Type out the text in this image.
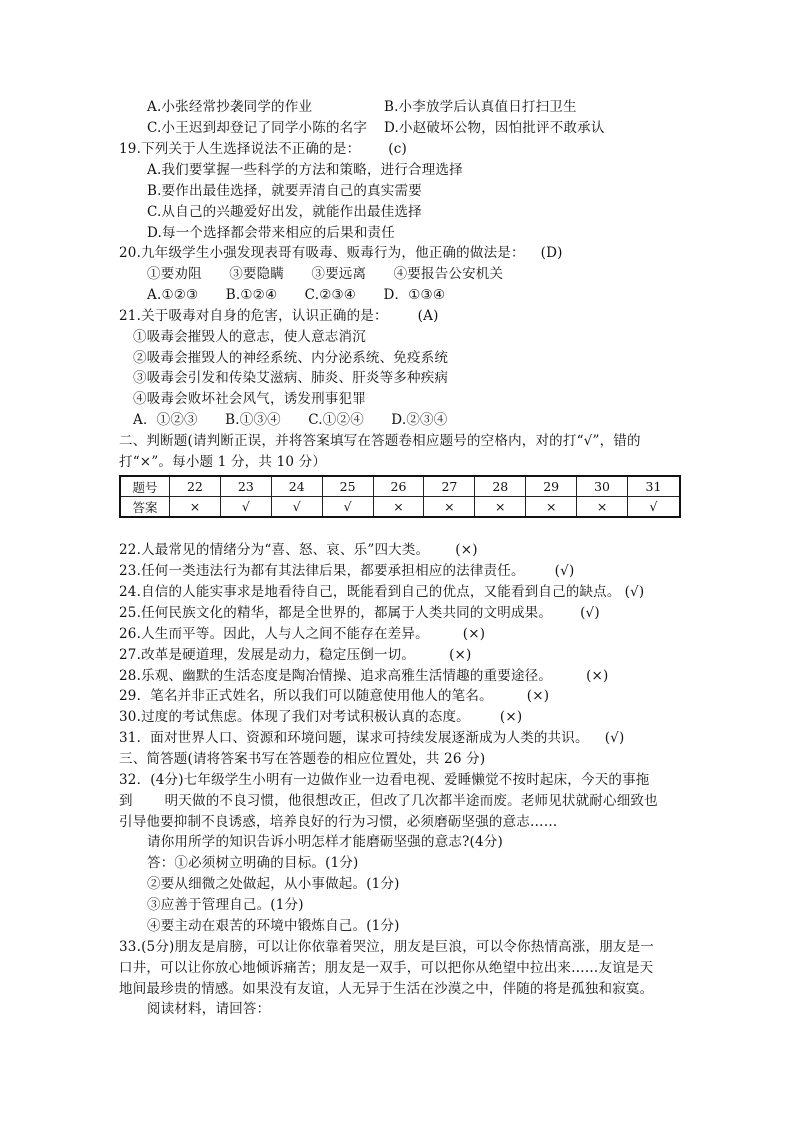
A.小张经常抄袭同学的作业	B.小李放学后认真值日打扫卫生
C.小王迟到却登记了同学小陈的名字 D.小赵破坏公物，因怕批评不敢承认
19.下列关于人生选择说法不正确的是： (c)
A.我们要掌握一些科学的方法和策略，进行合理选择
B.要作出最佳选择，就要弄清自己的真实需要
C.从自己的兴趣爱好出发，就能作出最佳选择
D.每一个选择都会带来相应的后果和责任
20.九年级学生小强发现表哥有吸毒、贩毒行为，他正确的做法是： (D)
①要劝阻　　③要隐瞒　　③要远离　　④要报告公安机关
A.①②③　　B.①②④　　C.②③④　　D．①③④
21.关于吸毒对自身的危害，认识正确的是： (A)
①吸毒会摧毁人的意志，使人意志消沉
②吸毒会摧毁人的神经系统、内分泌系统、免疫系统
③吸毒会引发和传染艾滋病、肺炎、肝炎等多种疾病
④吸毒会败坏社会风气，诱发刑事犯罪
A．①②③　　B.①③④　　C.①②④　　D.②③④
二、判断题(请判断正误，并将答案填写在答题卷相应题号的空格内，对的打“√”，错的
打“×”。每小题 1 分，共 10 分）
题号	22	23	24	25	26	27	28	29	30	31
答案	×	√	√	√	×	×	×	×	×	√
22.人最常见的情绪分为“喜、怒、哀、乐”四大类。 (×)
23.任何一类违法行为都有其法律后果，都要承担相应的法律责任。 (√)
24.自信的人能实事求是地看待自己，既能看到自己的优点，又能看到自己的缺点。 (√)
25.任何民族文化的精华，都是全世界的，都属于人类共同的文明成果。 (√)
26.人生而平等。因此，人与人之间不能存在差异。	(×)
27.改革是硬道理，发展是动力，稳定压倒一切。	(×)
28.乐观、幽默的生活态度是陶冶情操、追求高雅生活情趣的重要途径。	(×)
29．笔名并非正式姓名，所以我们可以随意使用他人的笔名。	(×)
30.过度的考试焦虑。体现了我们对考试积极认真的态度。 (×)
31．面对世界人口、资源和环境问题，谋求可持续发展逐渐成为人类的共识。 (√)
三、简答题(请将答案书写在答题卷的相应位置处，共 26 分)
32．(4分)七年级学生小明有一边做作业一边看电视、爱睡懒觉不按时起床，今天的事拖
到　　 明天做的不良习惯，他很想改正，但改了几次都半途而废。老师见状就耐心细致也
引导他要抑制不良诱惑，培养良好的行为习惯，必须磨砺坚强的意志……
请你用所学的知识告诉小明怎样才能磨砺坚强的意志?(4分)
答：①必须树立明确的目标。(1分)
②要从细微之处做起，从小事做起。(1分)
③应善于管理自己。(1分)
④要主动在艰苦的环境中锻炼自己。(1分)
33.(5分)朋友是肩膀，可以让你依靠着哭泣，朋友是巨浪，可以令你热情高涨，朋友是一
口井，可以让你放心地倾诉痛苦；朋友是一双手，可以把你从绝望中拉出来……友谊是天
地间最珍贵的情感。如果没有友谊，人无异于生活在沙漠之中，伴随的将是孤独和寂寞。
阅读材料，请回答：
